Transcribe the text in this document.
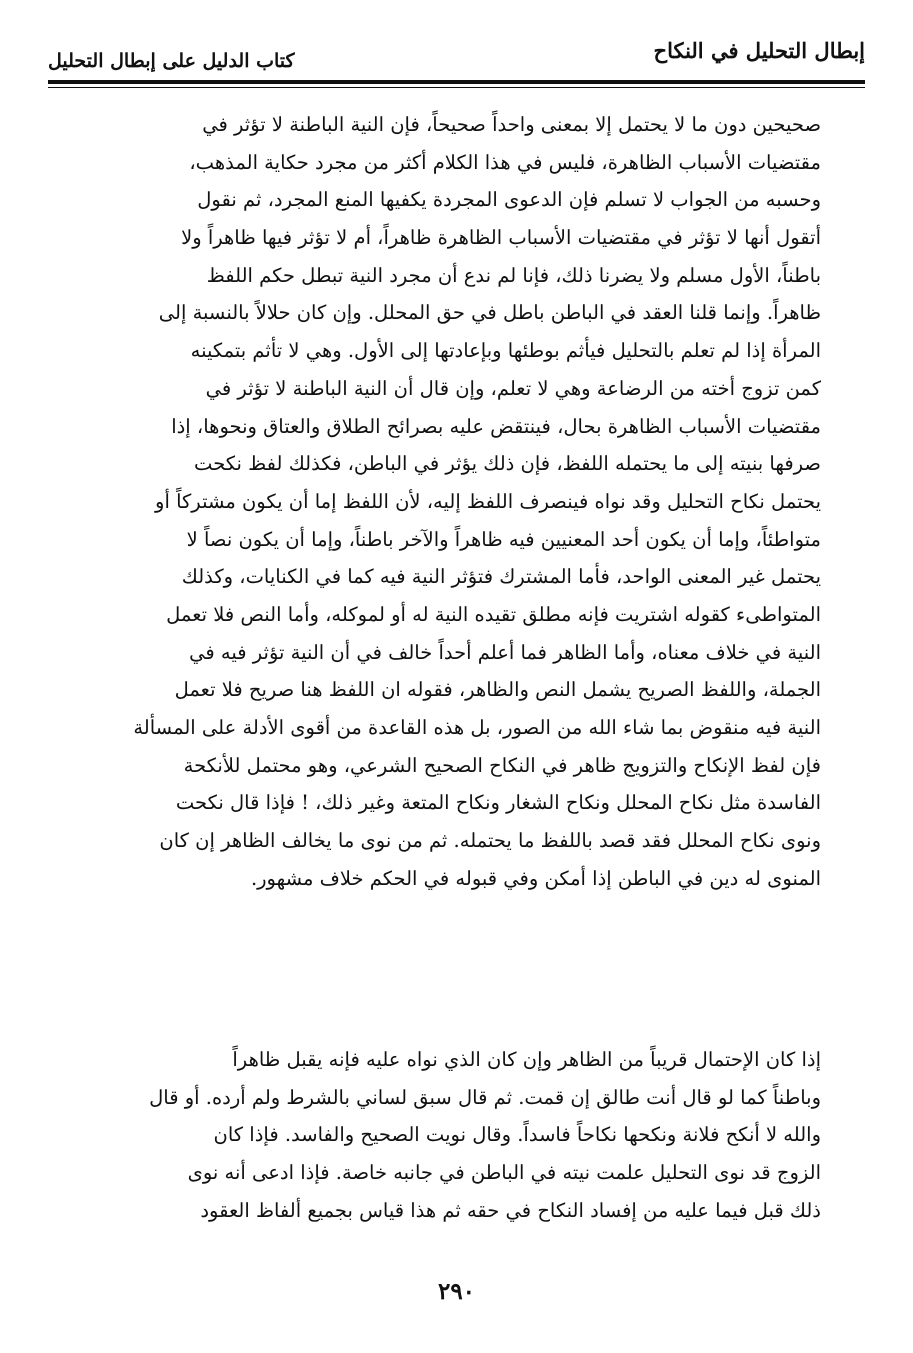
إبطال التحليل في النكاح
كتاب الدليل على إبطال التحليل
صحيحين دون ما لا يحتمل إلا بمعنى واحداً صحيحاً، فإن النية الباطنة لا تؤثر في
مقتضيات الأسباب الظاهرة، فليس في هذا الكلام أكثر من مجرد حكاية المذهب،
وحسبه من الجواب لا تسلم فإن الدعوى المجردة يكفيها المنع المجرد، ثم نقول
أتقول أنها لا تؤثر في مقتضيات الأسباب الظاهرة ظاهراً، أم لا تؤثر فيها ظاهراً ولا
باطناً، الأول مسلم ولا يضرنا ذلك، فإنا لم ندع أن مجرد النية تبطل حكم اللفظ
ظاهراً. وإنما قلنا العقد في الباطن باطل في حق المحلل. وإن كان حلالاً بالنسبة إلى
المرأة إذا لم تعلم بالتحليل فيأثم بوطئها وبإعادتها إلى الأول. وهي لا تأثم بتمكينه
كمن تزوج أخته من الرضاعة وهي لا تعلم، وإن قال أن النية الباطنة لا تؤثر في
مقتضيات الأسباب الظاهرة بحال، فينتقض عليه بصرائح الطلاق والعتاق ونحوها، إذا
صرفها بنيته إلى ما يحتمله اللفظ، فإن ذلك يؤثر في الباطن، فكذلك لفظ نكحت
يحتمل نكاح التحليل وقد نواه فينصرف اللفظ إليه، لأن اللفظ إما أن يكون مشتركاً أو
متواطئاً، وإما أن يكون أحد المعنيين فيه ظاهراً والآخر باطناً، وإما أن يكون نصاً لا
يحتمل غير المعنى الواحد، فأما المشترك فتؤثر النية فيه كما في الكنايات، وكذلك
المتواطىء كقوله اشتريت فإنه مطلق تقيده النية له أو لموكله، وأما النص فلا تعمل
النية في خلاف معناه، وأما الظاهر فما أعلم أحداً خالف في أن النية تؤثر فيه في
الجملة، واللفظ الصريح يشمل النص والظاهر، فقوله ان اللفظ هنا صريح فلا تعمل
النية فيه منقوض بما شاء الله من الصور، بل هذه القاعدة من أقوى الأدلة على المسألة
فإن لفظ الإنكاح والتزويج ظاهر في النكاح الصحيح الشرعي، وهو محتمل للأنكحة
الفاسدة مثل نكاح المحلل ونكاح الشغار ونكاح المتعة وغير ذلك، ! فإذا قال نكحت
ونوى نكاح المحلل فقد قصد باللفظ ما يحتمله. ثم من نوى ما يخالف الظاهر إن كان
المنوى له دين في الباطن إذا أمكن وفي قبوله في الحكم خلاف مشهور.
إذا كان الإحتمال قريباً من الظاهر وإن كان الذي نواه عليه فإنه يقبل ظاهراً
وباطناً كما لو قال أنت طالق إن قمت. ثم قال سبق لساني بالشرط ولم أرده. أو قال
والله لا أنكح فلانة ونكحها نكاحاً فاسداً. وقال نويت الصحيح والفاسد. فإذا كان
الزوج قد نوى التحليل علمت نيته في الباطن في جانبه خاصة. فإذا ادعى أنه نوى
ذلك قبل فيما عليه من إفساد النكاح في حقه ثم هذا قياس بجميع ألفاظ العقود
٢٩٠
